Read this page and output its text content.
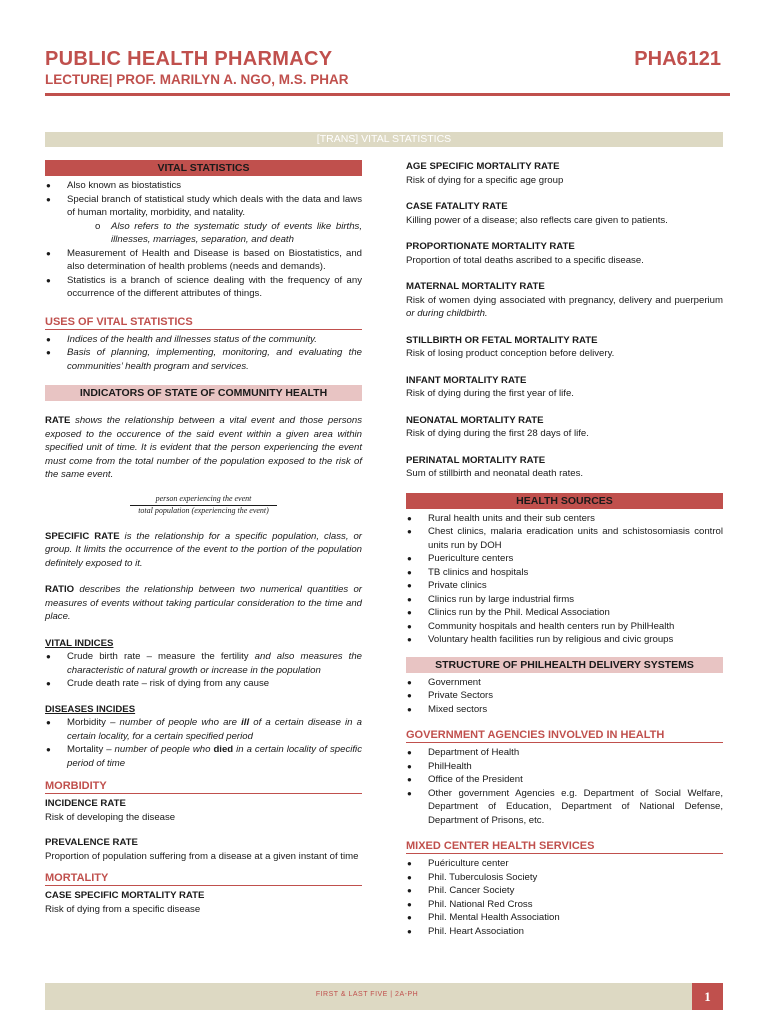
PUBLIC HEALTH PHARMACY	PHA6121
LECTURE| PROF. MARILYN A. NGO, M.S. PHAR
[TRANS] VITAL STATISTICS
VITAL STATISTICS
● Also known as biostatistics
● Special branch of statistical study which deals with the data and laws of human mortality, morbidity, and natality.
o Also refers to the systematic study of events like births, illnesses, marriages, separation, and death
● Measurement of Health and Disease is based on Biostatistics, and also determination of health problems (needs and demands).
● Statistics is a branch of science dealing with the frequency of any occurrence of the different attributes of things.
USES OF VITAL STATISTICS
● Indices of the health and illnesses status of the community.
● Basis of planning, implementing, monitoring, and evaluating the communities’ health program and services.
INDICATORS OF STATE OF COMMUNITY HEALTH

RATE shows the relationship between a vital event and those persons exposed to the occurence of the said event within a given area within specified unit of time. It is evident that the person experiencing the event must come from the total number of the population exposed to the risk of the same event.

person experiencing the event
total population (experiencing the event)

SPECIFIC RATE is the relationship for a specific population, class, or group. It limits the occurrence of the event to the portion of the population definitely exposed to it.

RATIO describes the relationship between two numerical quantities or measures of events without taking particular consideration to the time and place.

VITAL INDICES
● Crude birth rate – measure the fertility and also measures the characteristic of natural growth or increase in the population
● Crude death rate – risk of dying from any cause
DISEASES INCIDES
● Morbidity – number of people who are ill of a certain disease in a certain locality, for a certain specified period
● Mortality – number of people who died in a certain locality of specific period of time
MORBIDITY
INCIDENCE RATE

Risk of developing the disease

PREVALENCE RATE

Proportion of population suffering from a disease at a given instant of time

MORTALITY
CASE SPECIFIC MORTALITY RATE

Risk of dying from a specific disease

AGE SPECIFIC MORTALITY RATE

Risk of dying for a specific age group

CASE FATALITY RATE

Killing power of a disease; also reflects care given to patients.

PROPORTIONATE MORTALITY RATE

Proportion of total deaths ascribed to a specific disease.

MATERNAL MORTALITY RATE

Risk of women dying associated with pregnancy, delivery and puerperium or during childbirth.

STILLBIRTH OR FETAL MORTALITY RATE

Risk of losing product conception before delivery.

INFANT MORTALITY RATE

Risk of dying during the first year of life.

NEONATAL MORTALITY RATE

Risk of dying during the first 28 days of life.

PERINATAL MORTALITY RATE

Sum of stillbirth and neonatal death rates.

HEALTH SOURCES
● Rural health units and their sub centers
● Chest clinics, malaria eradication units and schistosomiasis control units run by DOH
● Puericulture centers
● TB clinics and hospitals
● Private clinics
● Clinics run by large industrial firms
● Clinics run by the Phil. Medical Association
● Community hospitals and health centers run by PhilHealth
● Voluntary health facilities run by religious and civic groups
STRUCTURE OF PHILHEALTH DELIVERY SYSTEMS
● Government
● Private Sectors
● Mixed sectors
GOVERNMENT AGENCIES INVOLVED IN HEALTH
● Department of Health
● PhilHealth
● Office of the President
● Other government Agencies e.g. Department of Social Welfare, Department of Education, Department of National Defense, Department of Prisons, etc.
MIXED CENTER HEALTH SERVICES
● Puériculture center
● Phil. Tuberculosis Society
● Phil. Cancer Society
● Phil. National Red Cross
● Phil. Mental Health Association
● Phil. Heart Association
FIRST & LAST FIVE | 2A-PH	1
